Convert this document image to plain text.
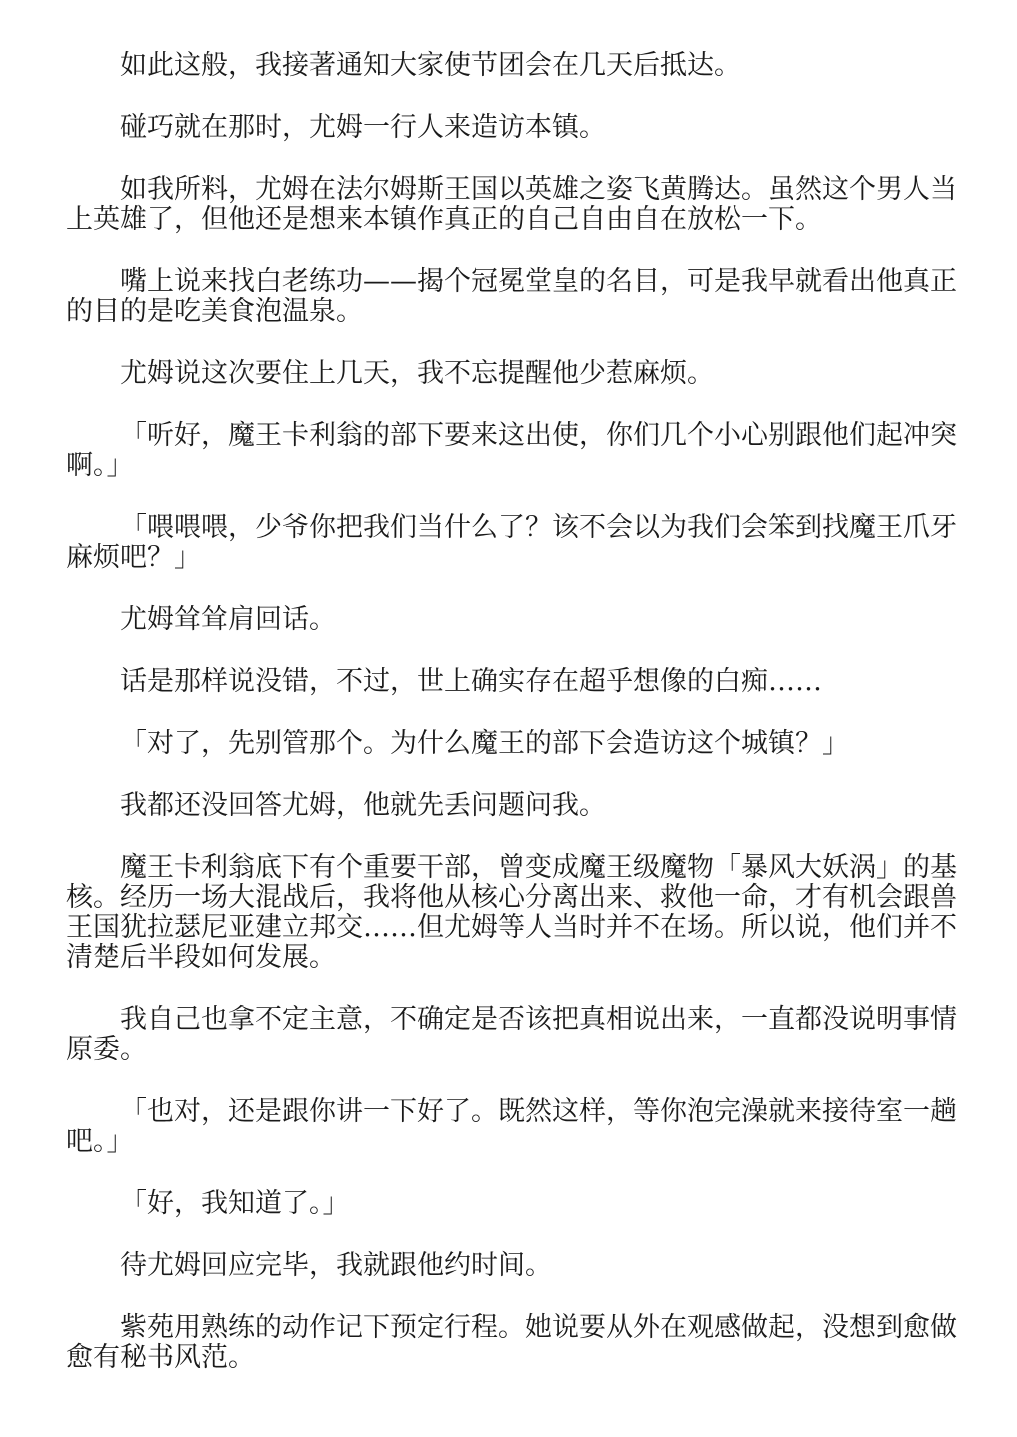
如此这般，我接著通知大家使节团会在几天后抵达。

碰巧就在那时，尤姆一行人来造访本镇。

如我所料，尤姆在法尔姆斯王国以英雄之姿飞黄腾达。虽然这个男人当上英雄了，但他还是想来本镇作真正的自己自由自在放松一下。

嘴上说来找白老练功——揭个冠冕堂皇的名目，可是我早就看出他真正的目的是吃美食泡温泉。

尤姆说这次要住上几天，我不忘提醒他少惹麻烦。

「听好，魔王卡利翁的部下要来这出使，你们几个小心别跟他们起冲突啊。」

「喂喂喂，少爷你把我们当什么了？该不会以为我们会笨到找魔王爪牙麻烦吧？」

尤姆耸耸肩回话。

话是那样说没错，不过，世上确实存在超乎想像的白痴……

「对了，先别管那个。为什么魔王的部下会造访这个城镇？」

我都还没回答尤姆，他就先丢问题问我。

魔王卡利翁底下有个重要干部，曾变成魔王级魔物「暴风大妖涡」的基核。经历一场大混战后，我将他从核心分离出来、救他一命，才有机会跟兽王国犹拉瑟尼亚建立邦交……但尤姆等人当时并不在场。所以说，他们并不清楚后半段如何发展。

我自己也拿不定主意，不确定是否该把真相说出来，一直都没说明事情原委。

「也对，还是跟你讲一下好了。既然这样，等你泡完澡就来接待室一趟吧。」

「好，我知道了。」

待尤姆回应完毕，我就跟他约时间。

紫苑用熟练的动作记下预定行程。她说要从外在观感做起，没想到愈做愈有秘书风范。
